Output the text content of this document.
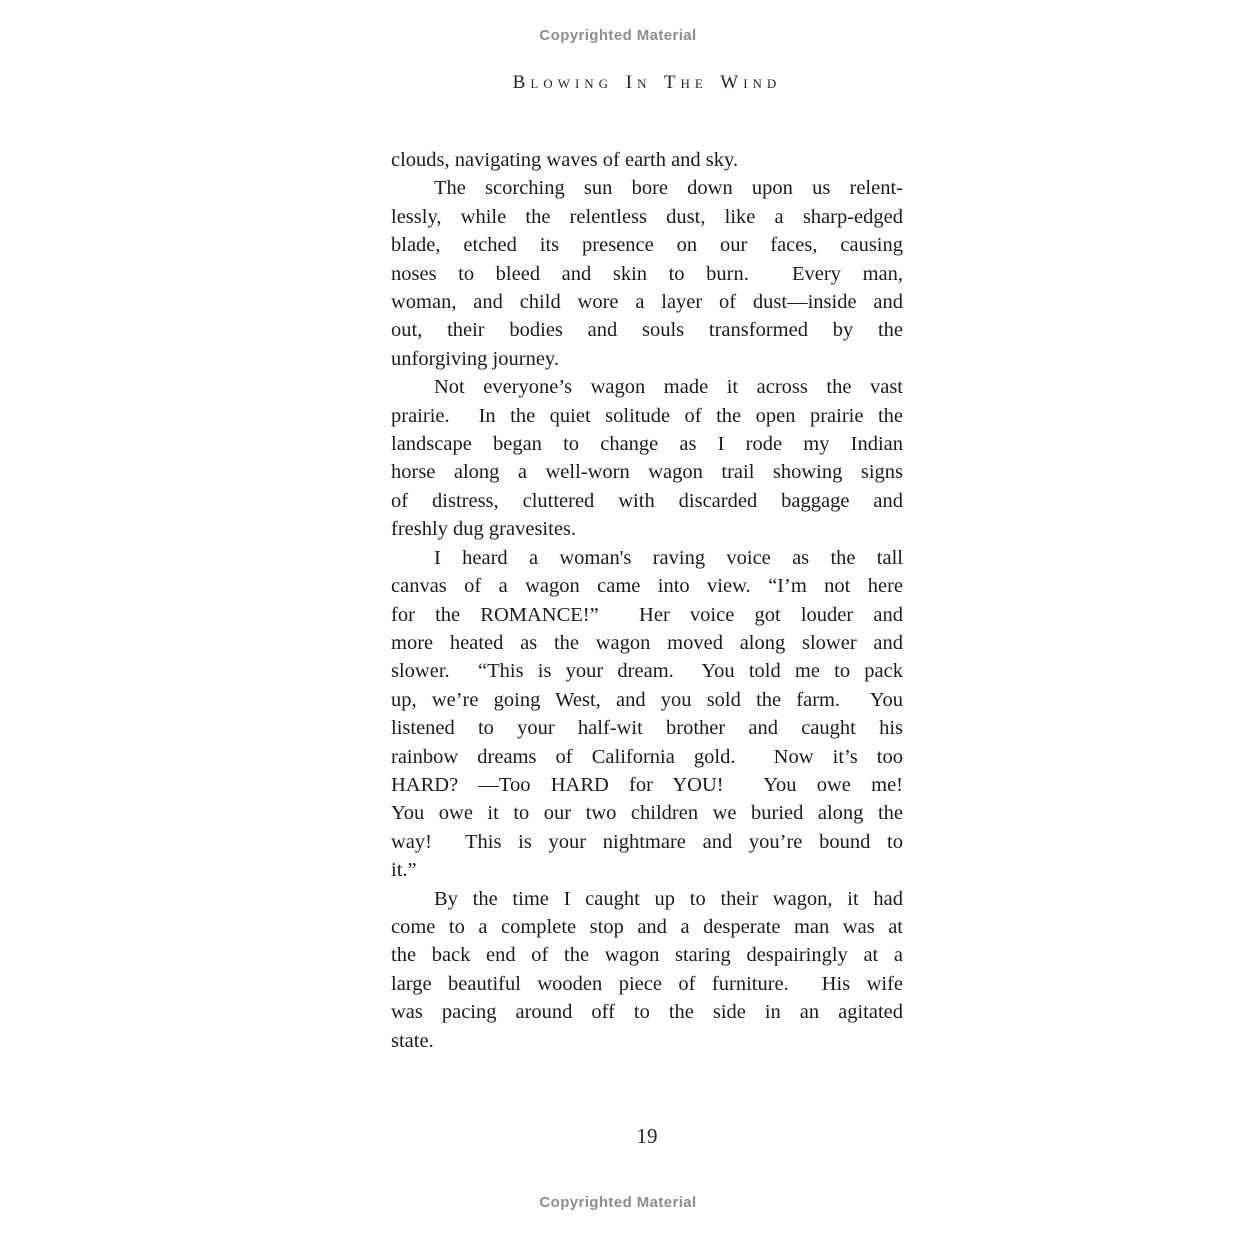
Copyrighted Material
Blowing In The Wind
clouds, navigating waves of earth and sky.
The scorching sun bore down upon us relent-
lessly, while the relentless dust, like a sharp-edged
blade, etched its presence on our faces, causing
noses to bleed and skin to burn.  Every man,
woman, and child wore a layer of dust—inside and
out, their bodies and souls transformed by the
unforgiving journey.
Not everyone’s wagon made it across the vast
prairie.  In the quiet solitude of the open prairie the
landscape began to change as I rode my Indian
horse along a well-worn wagon trail showing signs
of distress, cluttered with discarded baggage and
freshly dug gravesites.
I heard a woman's raving voice as the tall
canvas of a wagon came into view. “I’m not here
for the ROMANCE!”  Her voice got louder and
more heated as the wagon moved along slower and
slower.  “This is your dream.  You told me to pack
up, we’re going West, and you sold the farm.  You
listened to your half-wit brother and caught his
rainbow dreams of California gold.  Now it’s too
HARD? —Too HARD for YOU!  You owe me!
You owe it to our two children we buried along the
way!  This is your nightmare and you’re bound to
it.”
By the time I caught up to their wagon, it had
come to a complete stop and a desperate man was at
the back end of the wagon staring despairingly at a
large beautiful wooden piece of furniture.  His wife
was pacing around off to the side in an agitated
state.
19
Copyrighted Material
